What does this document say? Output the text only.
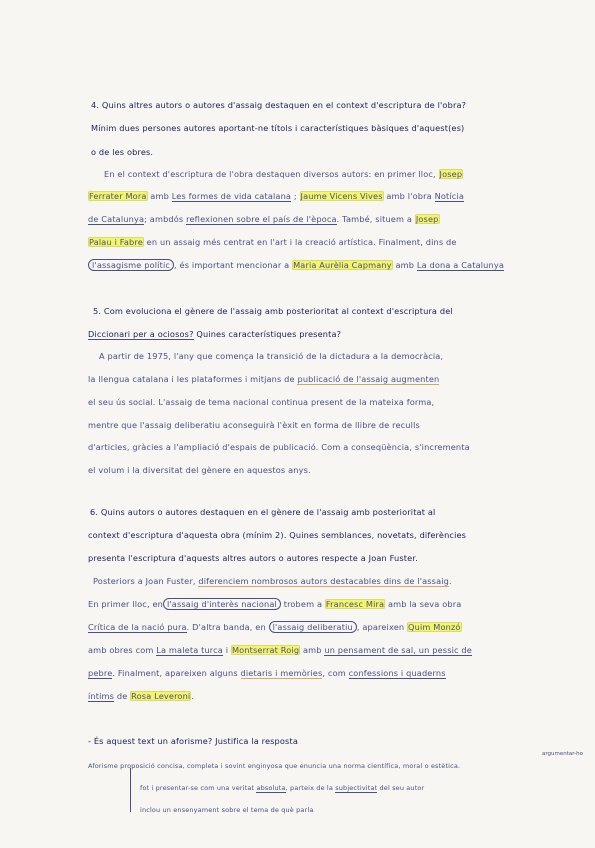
4. Quins altres autors o autores d'assaig destaquen en el context d'escriptura de l'obra?
Mínim dues persones autores aportant-ne títols i característiques bàsiques d'aquest(es)
o de les obres.
En el context d'escriptura de l'obra destaquen diversos autors: en primer lloc, Josep
Ferrater Mora amb Les formes de vida catalana ; Jaume Vicens Vives amb l'obra Notícia
de Catalunya; ambdós reflexionen sobre el país de l'època. També, situem a Josep
Palau i Fabre en un assaig més centrat en l'art i la creació artística. Finalment, dins de
l'assagisme polític , és important mencionar a Maria Aurèlia Capmany amb La dona a Catalunya
5. Com evoluciona el gènere de l'assaig amb posterioritat al context d'escriptura del
Diccionari per a ociosos? Quines característiques presenta?
A partir de 1975, l'any que comença la transició de la dictadura a la democràcia,
la llengua catalana i les plataformes i mitjans de publicació de l'assaig augmenten
el seu ús social. L'assaig de tema nacional continua present de la mateixa forma,
mentre que l'assaig deliberatiu aconseguirà l'èxit en forma de llibre de reculls
d'articles, gràcies a l'ampliació d'espais de publicació. Com a conseqüència, s'incrementa
el volum i la diversitat del gènere en aquestos anys.
6. Quins autors o autores destaquen en el gènere de l'assaig amb posterioritat al
context d'escriptura d'aquesta obra (mínim 2). Quines semblances, novetats, diferències
presenta l'escriptura d'aquests altres autors o autores respecte a Joan Fuster.
Posteriors a Joan Fuster, diferenciem nombrosos autors destacables dins de l'assaig.
En primer lloc, en l'assaig d'interès nacional trobem a Francesc Mira amb la seva obra
Crítica de la nació pura. D'altra banda, en l'assaig deliberatiu , apareixen Quim Monzó
amb obres com La maleta turca i Montserrat Roig amb un pensament de sal, un pessic de
pebre. Finalment, apareixen alguns dietaris i memòries, com confessions i quaderns
íntims de Rosa Leveroni.
- És aquest text un aforisme? Justifica la resposta
argumentar-ho
Aforisme proposició concisa, completa i sovint enginyosa que enuncia una norma científica, moral o estètica.
fot i presentar-se com una veritat absoluta, parteix de la subjectivitat del seu autor
inclou un ensenyament sobre el tema de què parla
